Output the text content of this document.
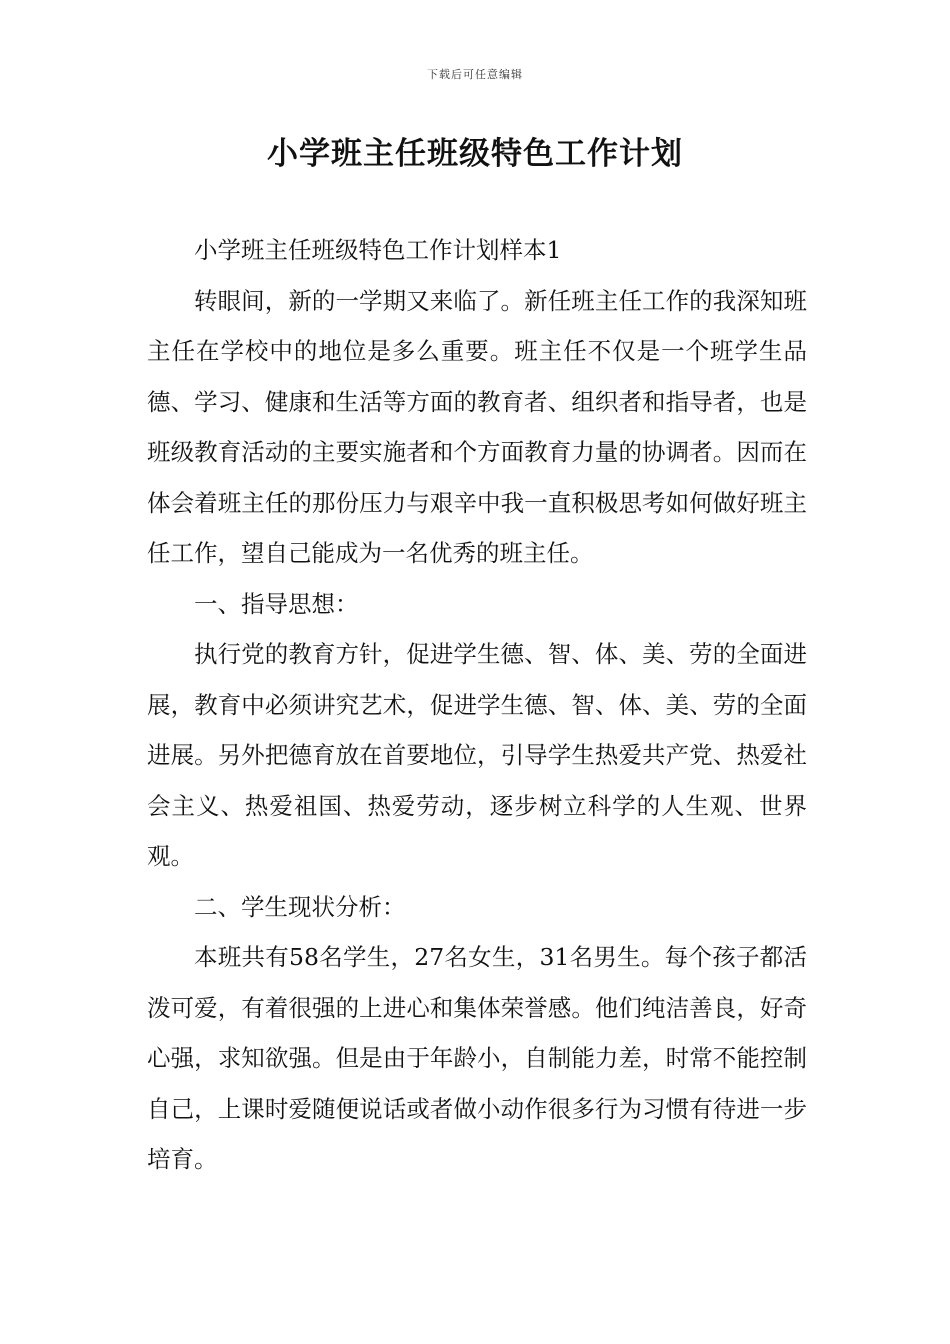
下载后可任意编辑
小学班主任班级特色工作计划

小学班主任班级特色工作计划样本1

转眼间，新的一学期又来临了。新任班主任工作的我深知班主任在学校中的地位是多么重要。班主任不仅是一个班学生品德、学习、健康和生活等方面的教育者、组织者和指导者，也是班级教育活动的主要实施者和个方面教育力量的协调者。因而在体会着班主任的那份压力与艰辛中我一直积极思考如何做好班主任工作，望自己能成为一名优秀的班主任。

一、指导思想：

执行党的教育方针，促进学生德、智、体、美、劳的全面进展，教育中必须讲究艺术，促进学生德、智、体、美、劳的全面进展。另外把德育放在首要地位，引导学生热爱共产党、热爱社会主义、热爱祖国、热爱劳动，逐步树立科学的人生观、世界观。

二、学生现状分析：

本班共有58名学生，27名女生，31名男生。每个孩子都活泼可爱，有着很强的上进心和集体荣誉感。他们纯洁善良，好奇心强，求知欲强。但是由于年龄小，自制能力差，时常不能控制自己，上课时爱随便说话或者做小动作很多行为习惯有待进一步培育。
